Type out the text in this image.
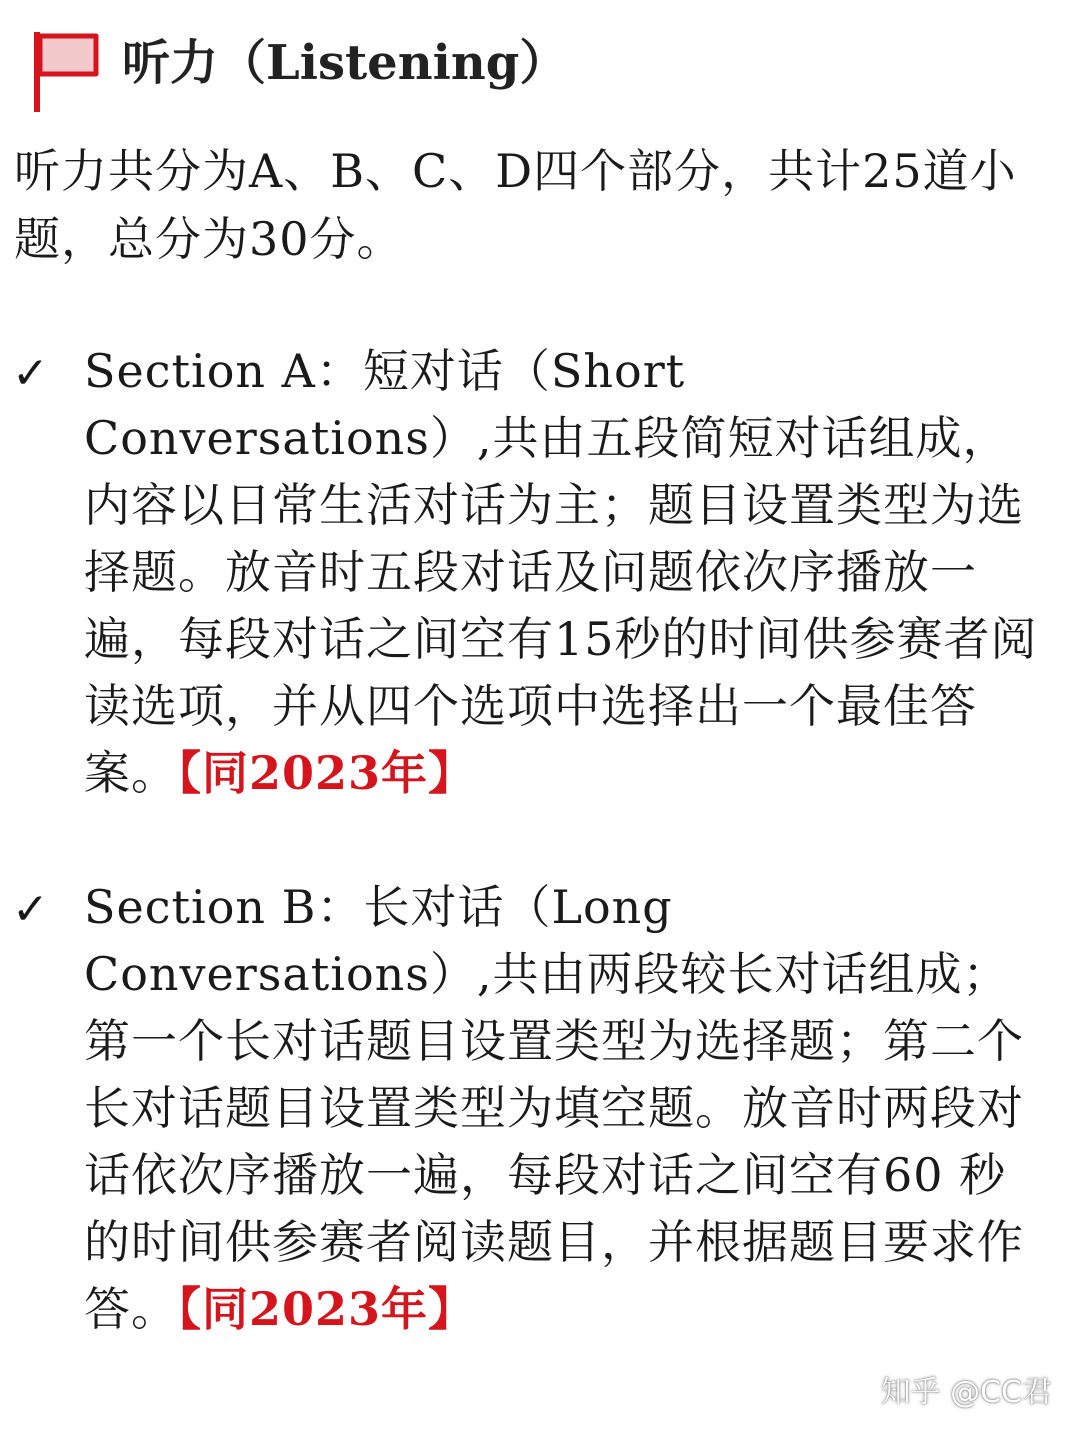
听力（Listening）

听力共分为A、B、C、D四个部分，共计25道小题，总分为30分。

✓ Section A：短对话（Short Conversations）,共由五段简短对话组成，内容以日常生活对话为主；题目设置类型为选择题。放音时五段对话及问题依次序播放一遍，每段对话之间空有15秒的时间供参赛者阅读选项，并从四个选项中选择出一个最佳答案。【同2023年】

✓ Section B：长对话（Long Conversations）,共由两段较长对话组成；第一个长对话题目设置类型为选择题；第二个长对话题目设置类型为填空题。放音时两段对话依次序播放一遍，每段对话之间空有60 秒的时间供参赛者阅读题目，并根据题目要求作答。【同2023年】

知乎 @CC君
